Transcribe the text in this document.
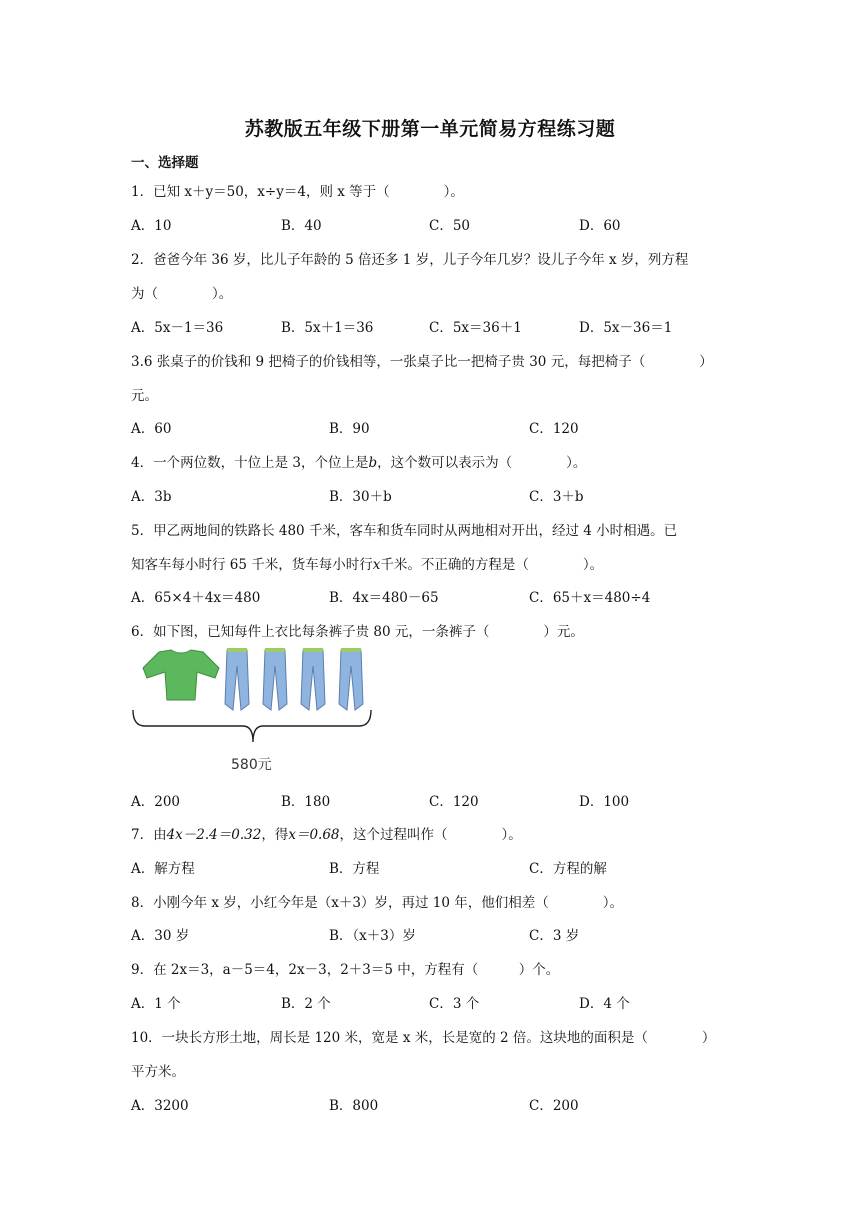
苏教版五年级下册第一单元简易方程练习题
一、选择题
1．已知 x＋y＝50，x÷y＝4，则 x 等于（　　　　）。
A．10	B．40	C．50	D．60
2．爸爸今年 36 岁，比儿子年龄的 5 倍还多 1 岁，儿子今年几岁？设儿子今年 x 岁，列方程
为（　　　　）。
A．5x－1＝36	B．5x＋1＝36	C．5x＝36＋1	D．5x－36＝1
3.6 张桌子的价钱和 9 把椅子的价钱相等，一张桌子比一把椅子贵 30 元，每把椅子（　　　　）
元。
A．60	B．90	C．120
4．一个两位数，十位上是 3，个位上是b，这个数可以表示为（　　　　）。
A．3b	B．30＋b	C．3＋b
5．甲乙两地间的铁路长 480 千米，客车和货车同时从两地相对开出，经过 4 小时相遇。已
知客车每小时行 65 千米，货车每小时行x千米。不正确的方程是（　　　　）。
A．65×4＋4x＝480	B．4x＝480－65	C．65＋x＝480÷4
6．如下图，已知每件上衣比每条裤子贵 80 元，一条裤子（　　　　）元。
580元
A．200	B．180	C．120	D．100
7．由4x－2.4＝0.32，得x＝0.68，这个过程叫作（　　　　）。
A．解方程	B．方程	C．方程的解
8．小刚今年 x 岁，小红今年是（x＋3）岁，再过 10 年，他们相差（　　　　）。
A．30 岁	B．（x＋3）岁	C．3 岁
9．在 2x＝3，a－5＝4，2x－3，2＋3＝5 中，方程有（　　　）个。
A．1 个	B．2 个	C．3 个	D．4 个
10．一块长方形土地，周长是 120 米，宽是 x 米，长是宽的 2 倍。这块地的面积是（　　　　）
平方米。
A．3200	B．800	C．200
